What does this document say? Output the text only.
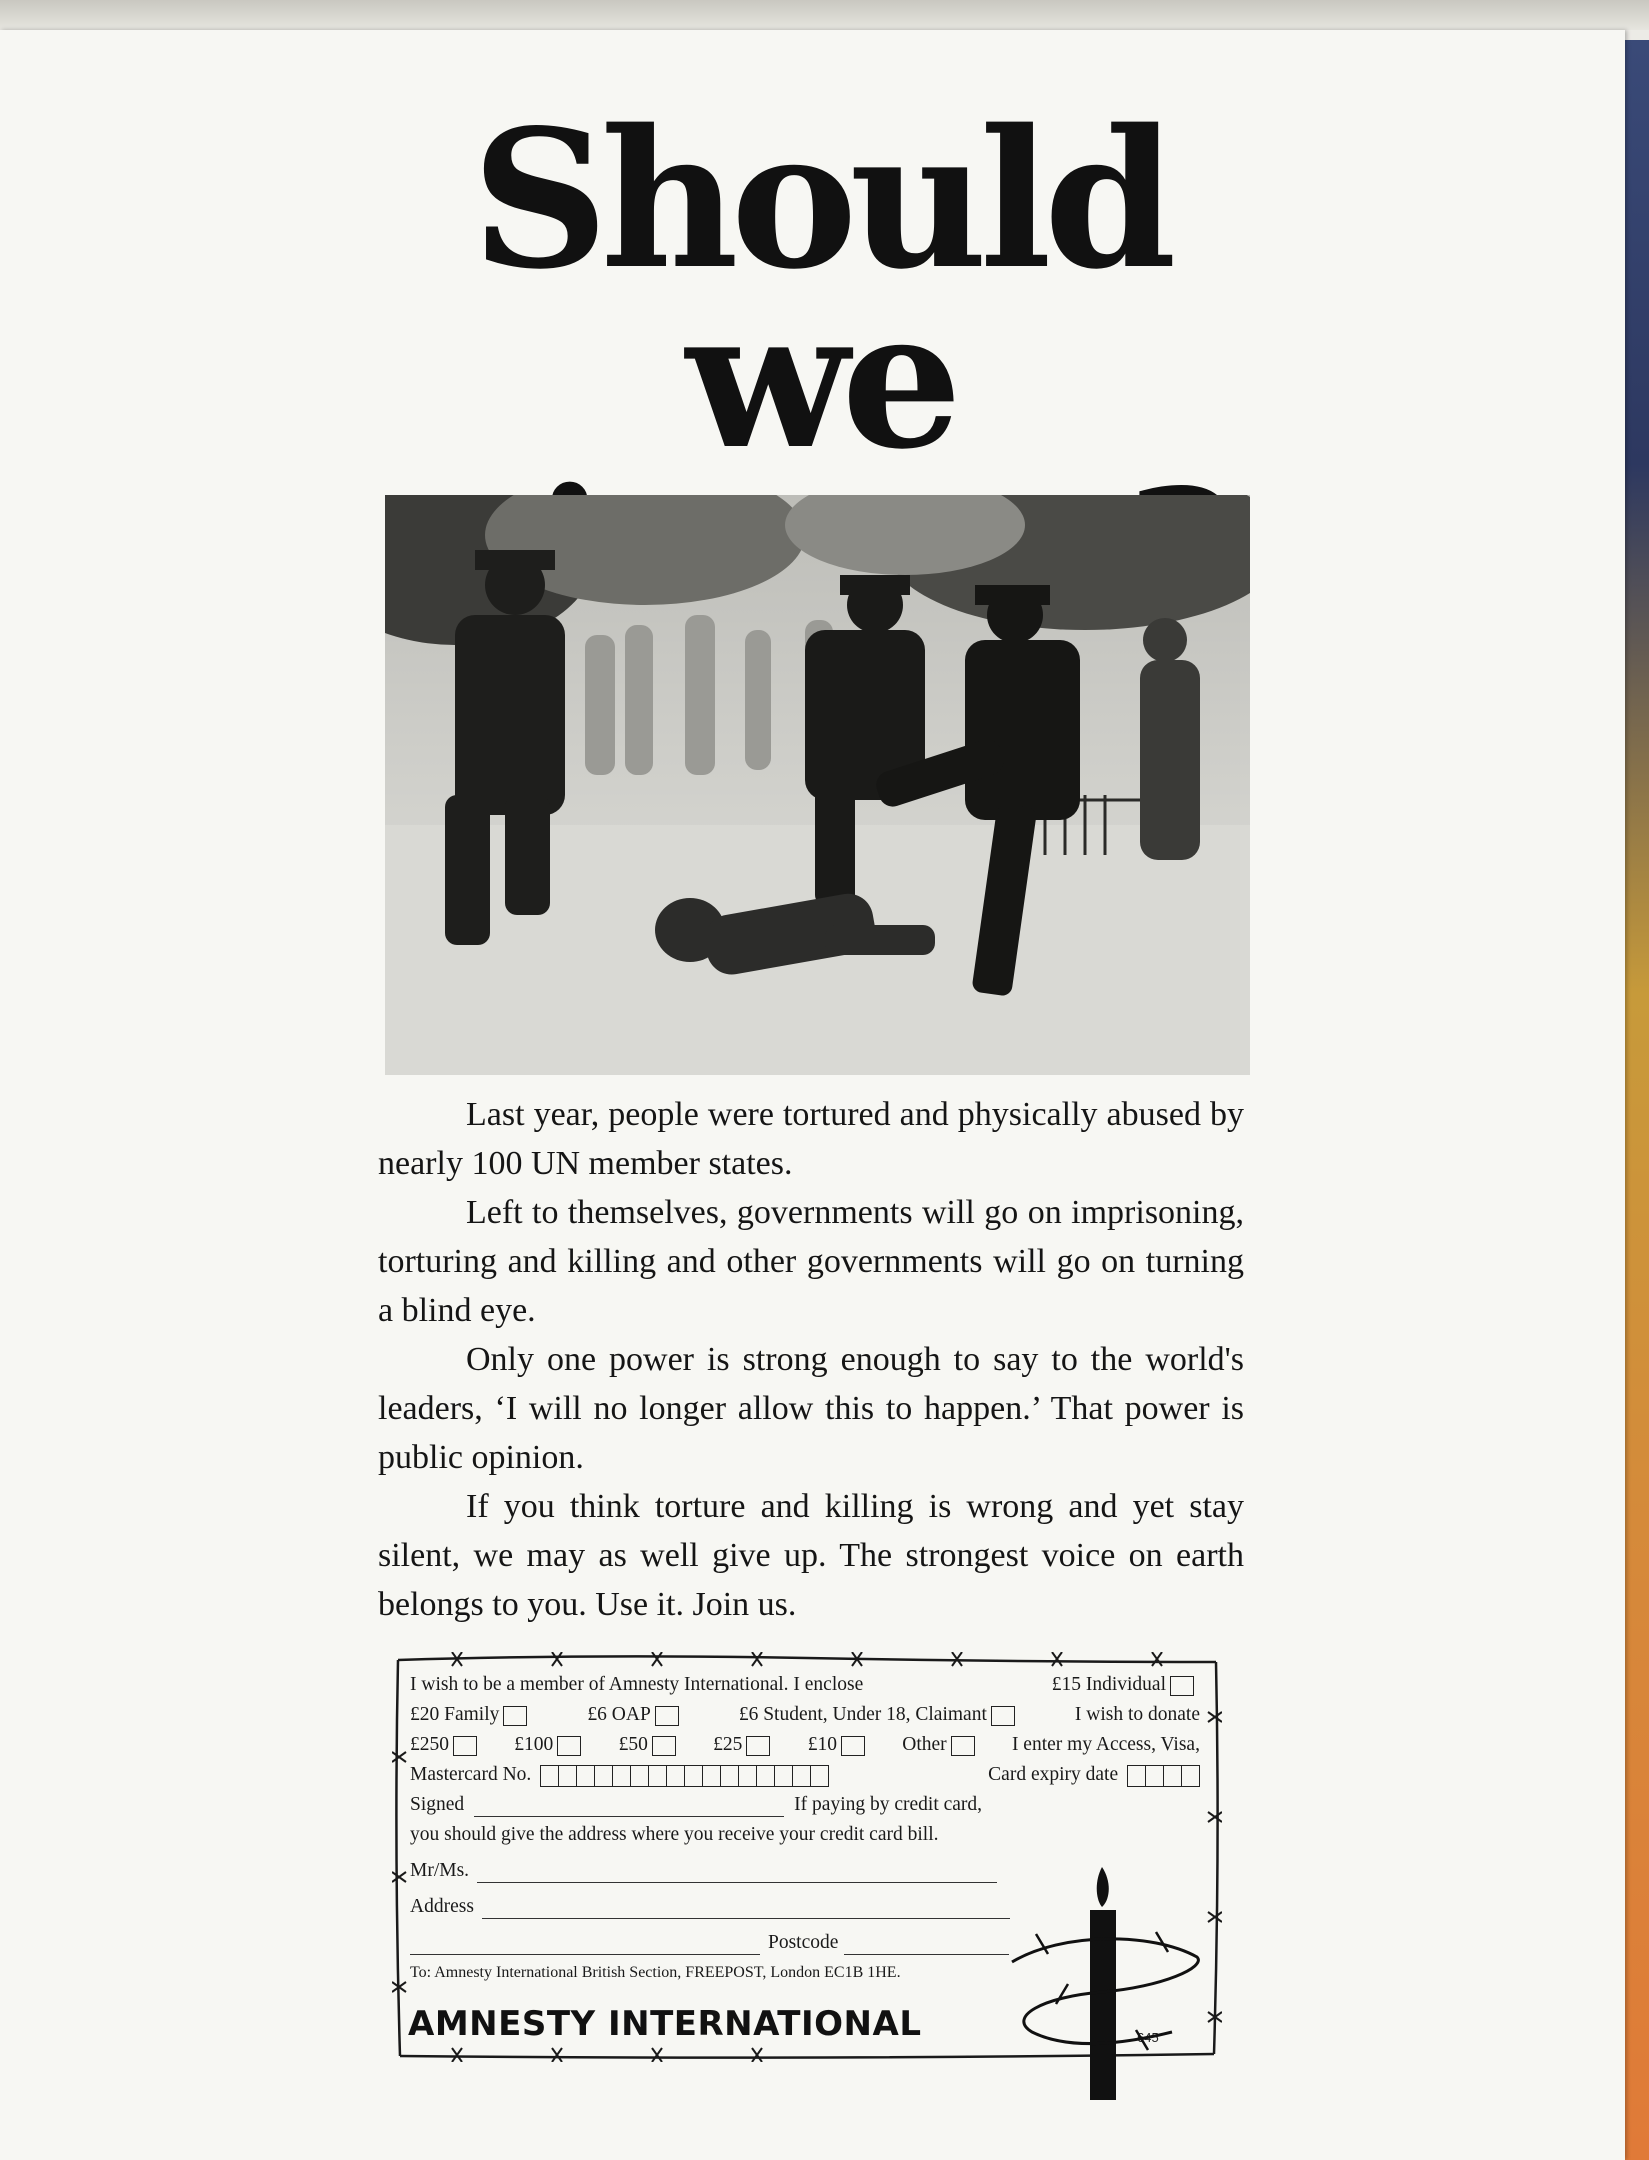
Should we

Last year, people were tortured and physically abused by nearly 100 UN member states.

Left to themselves, governments will go on imprisoning, torturing and killing and other governments will go on turning a blind eye.

Only one power is strong enough to say to the world's leaders, ‘I will no longer allow this to happen.’ That power is public opinion.

If you think torture and killing is wrong and yet stay silent, we may as well give up. The strongest voice on earth belongs to you. Use it. Join us.

I wish to be a member of Amnesty International. I enclose	£15 Individual
£20 Family	£6 OAP	£6 Student, Under 18, Claimant	I wish to donate
£250	£100	£50	£25	£10	Other	I enter my Access, Visa,
Mastercard No.	Card expiry date
Signed	If paying by credit card,
you should give the address where you receive your credit card bill.
Mr/Ms.
Address
Postcode
To: Amnesty International British Section, FREEPOST, London EC1B 1HE.
AMNESTY INTERNATIONAL	645
